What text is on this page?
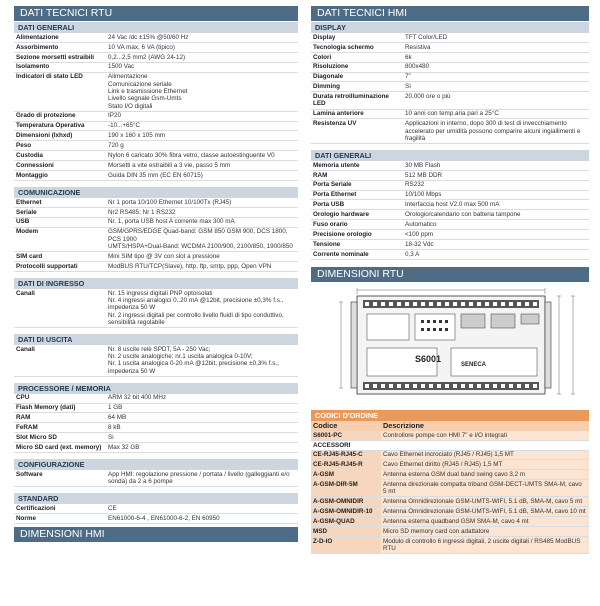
DATI TECNICI RTU
DATI GENERALI
Alimentazione	24 Vac /dc ±15% @50/60 Hz
Assorbimento	10 VA max, 6 VA (tipico)
Sezione morsetti estraibili	0,2...2,5 mm2 (AWG 24-12)
Isolamento	1500 Vac
Indicatori di stato LED	Alimentazione
Comunicazione seriale
Link e trasmissione Ethernet
Livello segnale Gsm-Umts
Stato I/O digitali
Grado di protezione	IP20
Temperatura Operativa	-10...+65°C
Dimensioni (lxhxd)	190 x 160 x 105 mm
Peso	720 g
Custodia	Nylon 6 caricato 30% fibra vetro, classe autoestinguente V0
Connessioni	Morsetti a vite estraibili a 3 vie, passo 5 mm
Montaggio	Guida DIN 35 mm (EC EN 60715)
COMUNICAZIONE
Ethernet	Nr 1 porta 10/100 Ethernet 10/100Tx (RJ45)
Seriale	Nr2 RS485; Nr 1 RS232
USB	Nr. 1, porta USB host A corrente max 300 mA
Modem	GSM/GPRS/EDGE Quad-band: GSM 850 GSM 900, DCS 1800, PCS 1900
UMTS/HSPA+Dual-Band: WCDMA 2100/900, 2100/850, 1900/850
SIM card	Mini SIM tipo @ 3V con slot a pressione
Protocolli supportati	ModBUS RTU/TCP(Slave), http, ftp, smtp, ppp, Open VPN
DATI DI INGRESSO
Canali	Nr. 15 ingressi digitali PNP optoisolati
Nr. 4 ingressi analogici 0..20 mA @12bit, precisione ±0,3% f.s., impedenza 50 W
Nr. 2 ingressi digitali per controllo livello fluidi di tipo conduttivo, sensibilità regolabile
DATI DI USCITA
Canali	Nr. 8 uscite relè SPDT, 5A - 250 Vac;
Nr. 2 uscite analogiche; nr.1 uscita analogica 0-10V;
Nr. 1 uscita analogica 0-20 mA @12bit, precisione ±0,3% f.s., impedenza 50 W
PROCESSORE / MEMORIA
CPU	ARM 32 bit 400 MHz
Flash Memory (dati)	1 GB
RAM	64 MB
FeRAM	8 kB
Slot Micro SD	Si
Micro SD card (ext. memory)	Max 32 GB
CONFIGURAZIONE
Software	App HMI: regolazione pressione / portata / livello (galleggianti e/o sonda) da 2 a 6 pompe
STANDARD
Certificazioni	CE
Norme	EN61000-6-4 , EN61000-6-2, EN 60950
DIMENSIONI HMI
DATI TECNICI HMI
DISPLAY
Display	TFT Color/LED
Tecnologia schermo	Resistiva
Colori	6k
Risoluzione	800x480
Diagonale	7"
Dimming	Sì
Durata retroilluminazione LED	20.000 ore o più
Lamina anteriore	10 anni con temp.aria pari a 25°C
Resistenza UV	Applicazioni in interno, dopo 300 di test di invecchiamento accelerato per umidità possono comparire alcuni ingiallimenti e fragilità
DATI GENERALI
Memoria utente	30 MB Flash
RAM	512 MB DDR
Porta Seriale	RS232
Porta Ethernet	10/100 Mbps
Porta USB	Interfaccia host V2.0 max 500 mA
Orologio hardware	Orologio/calendario con batteria tampone
Fuso orario	Automatico
Precisione orologio	<100 ppm
Tensione	18-32 Vdc
Corrente nominale	0,3 A
DIMENSIONI RTU
S6001
SENECA
CODICI D'ORDINE
Codice	Descrizione
S6001-PC	Controllore pompe con HMI 7" e I/O integrati
ACCESSORI	
CE-RJ45-RJ45-C	Cavo Ethernet incrociato (RJ45 / RJ45) 1,5 MT
CE-RJ45-RJ45-R	Cavo Ethernet diritto (RJ45 / RJ45) 1,5 MT
A-GSM	Antenna esterna GSM dual band swing cavo 3,2 m
A-GSM-DIR-5M	Antenna direzionale compatta triband GSM-DECT-UMTS SMA-M, cavo 5 mt
A-GSM-OMNIDIR	Antenna Omnidirezionale GSM-UMTS-WIFI, 5.1 dB, SMA-M, cavo 5 mt
A-GSM-OMNIDIR-10	Antenna Omnidirezionale GSM-UMTS-WIFI, 5.1 dB, SMA-M, cavo 10 mt
A-GSM-QUAD	Antenna esterna quadband GSM SMA-M, cavo 4 mt
MSD	Micro SD memory card con adattatore
Z-D-IO	Modulo di controllo 6 ingressi digitali, 2 uscite digitali / RS485 ModBUS RTU
